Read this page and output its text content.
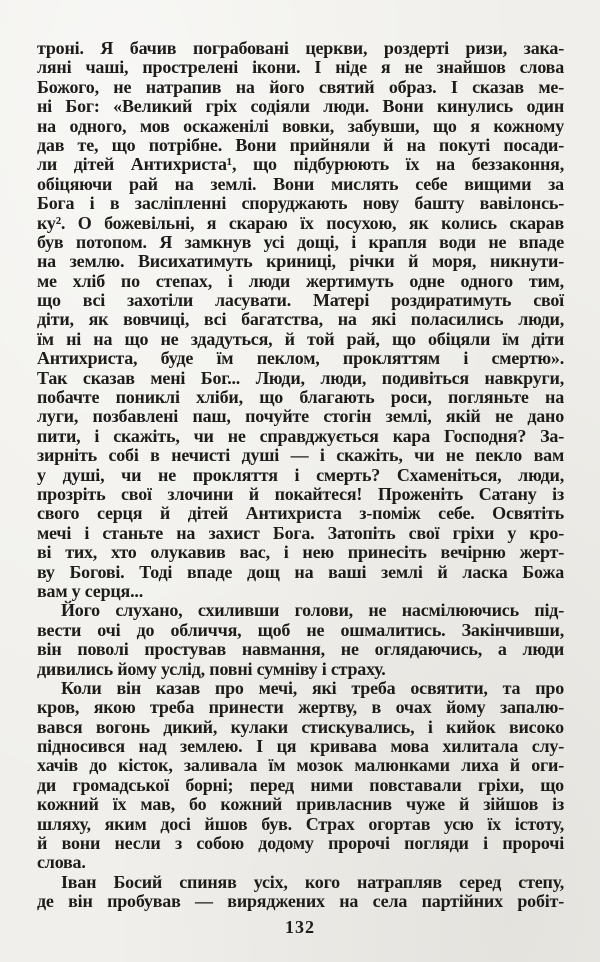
троні. Я бачив пограбовані церкви, роздерті ризи, зака-
ляні чаші, прострелені ікони. І ніде я не знайшов слова
Божого, не натрапив на його святий образ. І сказав ме-
ні Бог: «Великий гріх содіяли люди. Вони кинулись один
на одного, мов оскаженілі вовки, забувши, що я кожному
дав те, що потрібне. Вони прийняли й на покуті посади-
ли дітей Антихриста¹, що підбурюють їх на беззаконня,
обіцяючи рай на землі. Вони мислять себе вищими за
Бога і в засліпленні споруджають нову башту вавілонсь-
ку². О божевільні, я скараю їх посухою, як колись скарав
був потопом. Я замкнув усі дощі, і крапля води не впаде
на землю. Висихатимуть криниці, річки й моря, никнути-
ме хліб по степах, і люди жертимуть одне одного тим,
що всі захотіли ласувати. Матері роздиратимуть свої
діти, як вовчиці, всі багатства, на які поласились люди,
їм ні на що не здадуться, й той рай, що обіцяли їм діти
Антихриста, буде їм пеклом, прокляттям і смертю».
Так сказав мені Бог... Люди, люди, подивіться навкруги,
побачте пониклі хліби, що благають роси, погляньте на
луги, позбавлені паш, почуйте стогін землі, якій не дано
пити, і скажіть, чи не справджується кара Господня? За-
зирніть собі в нечисті душі — і скажіть, чи не пекло вам
у душі, чи не прокляття і смерть? Схаменіться, люди,
прозріть свої злочини й покайтеся! Проженіть Сатану із
свого серця й дітей Антихриста з-поміж себе. Освятіть
мечі і станьте на захист Бога. Затопіть свої гріхи у кро-
ві тих, хто олукавив вас, і нею принесіть вечірню жерт-
ву Богові. Тоді впаде дощ на ваші землі й ласка Божа
вам у серця...
Його слухано, схиливши голови, не насмілюючись під-
вести очі до обличчя, щоб не ошмалитись. Закінчивши,
він поволі простував навмання, не оглядаючись, а люди
дивились йому услід, повні сумніву і страху.
Коли він казав про мечі, які треба освятити, та про
кров, якою треба принести жертву, в очах йому запалю-
вався вогонь дикий, кулаки стискувались, і кийок високо
підносився над землею. І ця кривава мова хилитала слу-
хачів до кісток, заливала їм мозок малюнками лиха й оги-
ди громадської борні; перед ними повставали гріхи, що
кожний їх мав, бо кожний привласнив чуже й зійшов із
шляху, яким досі йшов був. Страх огортав усю їх істоту,
й вони несли з собою додому пророчі погляди і пророчі
слова.
Іван Босий спиняв усіх, кого натрапляв серед степу,
де він пробував — виряджених на села партійних робіт-
132
